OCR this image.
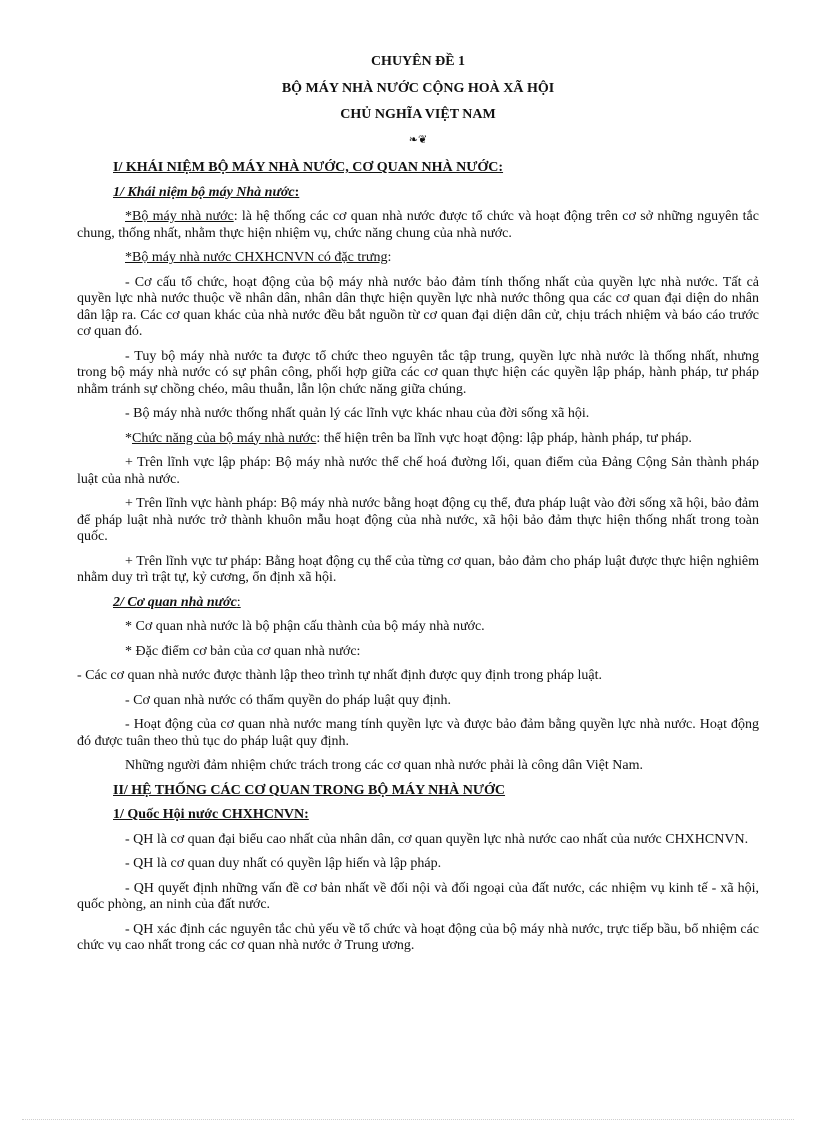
CHUYÊN ĐỀ 1
BỘ MÁY NHÀ NƯỚC CỘNG HOÀ XÃ HỘI
CHỦ NGHĨA VIỆT NAM
❧❦
I/ KHÁI NIỆM BỘ MÁY NHÀ NƯỚC, CƠ QUAN NHÀ NƯỚC:
1/ Khái niệm bộ máy Nhà nước:

*Bộ máy nhà nước: là hệ thống các cơ quan nhà nước được tổ chức và hoạt động trên cơ sở những nguyên tắc chung, thống nhất, nhằm thực hiện nhiệm vụ, chức năng chung của nhà nước.

*Bộ máy nhà nước CHXHCNVN có đặc trưng:

- Cơ cấu tổ chức, hoạt động của bộ máy nhà nước bảo đảm tính thống nhất của quyền lực nhà nước. Tất cả quyền lực nhà nước thuộc về nhân dân, nhân dân thực hiện quyền lực nhà nước thông qua các cơ quan đại diện do nhân dân lập ra. Các cơ quan khác của nhà nước đều bắt nguồn từ cơ quan đại diện dân cử, chịu trách nhiệm và báo cáo trước cơ quan đó.

- Tuy bộ máy nhà nước ta được tổ chức theo nguyên tắc tập trung, quyền lực nhà nước là thống nhất, nhưng trong bộ máy nhà nước có sự phân công, phối hợp giữa các cơ quan thực hiện các quyền lập pháp, hành pháp, tư pháp nhằm tránh sự chồng chéo, mâu thuẫn, lẫn lộn chức năng giữa chúng.

- Bộ máy nhà nước thống nhất quản lý các lĩnh vực khác nhau của đời sống xã hội.

*Chức năng của bộ máy nhà nước: thể hiện trên ba lĩnh vực hoạt động: lập pháp, hành pháp, tư pháp.

+ Trên lĩnh vực lập pháp: Bộ máy nhà nước thể chế hoá đường lối, quan điểm của Đảng Cộng Sản thành pháp luật của nhà nước.

+ Trên lĩnh vực hành pháp: Bộ máy nhà nước bằng hoạt động cụ thể, đưa pháp luật vào đời sống xã hội, bảo đảm để pháp luật nhà nước trở thành khuôn mẫu hoạt động của nhà nước, xã hội bảo đảm thực hiện thống nhất trong toàn quốc.

+ Trên lĩnh vực tư pháp: Bằng hoạt động cụ thể của từng cơ quan, bảo đảm cho pháp luật được thực hiện nghiêm nhằm duy trì trật tự, kỷ cương, ổn định xã hội.

2/ Cơ quan nhà nước:

* Cơ quan nhà nước là bộ phận cấu thành của bộ máy nhà nước.

* Đặc điểm cơ bản của cơ quan nhà nước:

- Các cơ quan nhà nước được thành lập theo trình tự nhất định được quy định trong pháp luật.

- Cơ quan nhà nước có thẩm quyền do pháp luật quy định.

- Hoạt động của cơ quan nhà nước mang tính quyền lực và được bảo đảm bằng quyền lực nhà nước. Hoạt động đó được tuân theo thủ tục do pháp luật quy định.

Những người đảm nhiệm chức trách trong các cơ quan nhà nước phải là công dân Việt Nam.

II/ HỆ THỐNG CÁC CƠ QUAN TRONG BỘ MÁY NHÀ NƯỚC
1/ Quốc Hội nước CHXHCNVN:

- QH là cơ quan đại biểu cao nhất của nhân dân, cơ quan quyền lực nhà nước cao nhất của nước CHXHCNVN.

- QH là cơ quan duy nhất có quyền lập hiến và lập pháp.

- QH quyết định những vấn đề cơ bản nhất về đối nội và đối ngoại của đất nước, các nhiệm vụ kinh tế - xã hội, quốc phòng, an ninh của đất nước.

- QH xác định các nguyên tắc chủ yếu về tổ chức và hoạt động của bộ máy nhà nước, trực tiếp bầu, bổ nhiệm các chức vụ cao nhất trong các cơ quan nhà nước ở Trung ương.
